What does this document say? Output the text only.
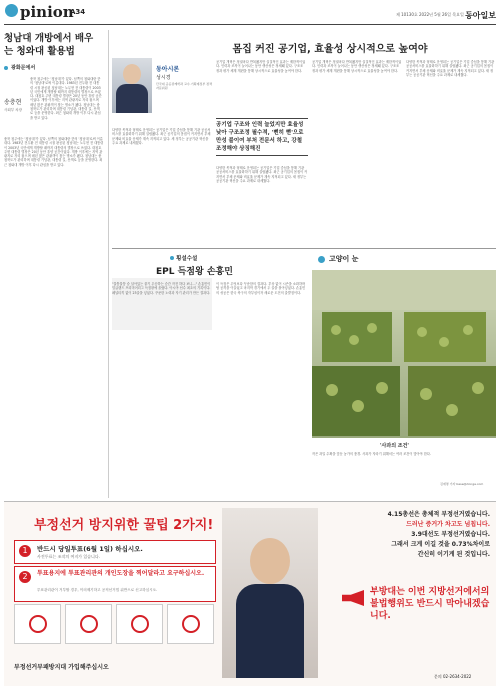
pinion
A34	제 10130호 2022년 5월 26일 목요일 동아일보
청남대 개방에서 배우는 청와대 활용법
광화문에서
송충현
사회부 차장
충북 청주에는 '청남대'가 있다. 남쪽의 청와대란 뜻의 '청남대'로써 이름대다. 1983년 전두환 전 대통령 시절 완공된 청남대는 노무현 전 대통령이 2003년 국민에게 개방할 때까지 대통령의 별장으로 쓰였다. 대청호 주변 대통령 별장은 20년 동안 휴양 공간이었다. 개방 이후에는 지역 관광지로 자리 잡으며 매년 많은 관광객이 찾는 명소가 됐다. 청남대는 충청북도가 관리하며 대통령 기념관, 대통령 길, 산책로 등을 운영한다. 최근 청와대 개방 이후 다시 관심을 받고 있다.
충북 청주에는 '청남대'가 있다. 남쪽의 청와대란 뜻의 '청남대'로써 이름대다. 1983년 전두환 전 대통령 시절 완공된 청남대는 노무현 전 대통령이 2003년 국민에게 개방할 때까지 대통령의 별장으로 쓰였다. 대청호 주변 대통령 별장은 20년 동안 휴양 공간이었다. 개방 이후에는 지역 관광지로 자리 잡으며 매년 많은 관광객이 찾는 명소가 됐다. 청남대는 충청북도가 관리하며 대통령 기념관, 대통령 길, 산책로 등을 운영한다. 최근 청와대 개방 이후 다시 관심을 받고 있다.
몸집 커진 공기업, 효율성 상시적으로 높여야
동아시론
성시경
단국대 공공관계학과 교수·기획재정부 정책자문위원
다양한 목적과 형태로 운영되는 공기업은 기업 중심을 통해 기관 공공서비스를 효율화하기 위해 설립됐다. 최근 공기업의 몸집이 커지면서 부채 문제와 비효율 문제가 계속 지적되고 있다. 새 정부는 공공기관 혁신을 주요 과제로 내세웠다.
공기업 개혁은 정권마다 반복됐지만 실질적인 효과는 제한적이었다. 인력과 조직이 늘어나는 동안 생산성은 정체돼 있다. 구조조정과 평가 체계 개편을 통해 상시적으로 효율성을 높여야 한다.
공기업 구조와 인력 늘었지만 효율성 낮아 구조조정 필수적, '뻔히 뻗'으로 만성 불이여 부처 전문서 하고, 강철 조정해야 상징해진
다양한 목적과 형태로 운영되는 공기업은 기업 중심을 통해 기관 공공서비스를 효율화하기 위해 설립됐다. 최근 공기업의 몸집이 커지면서 부채 문제와 비효율 문제가 계속 지적되고 있다. 새 정부는 공공기관 혁신을 주요 과제로 내세웠다.
공기업 개혁은 정권마다 반복됐지만 실질적인 효과는 제한적이었다. 인력과 조직이 늘어나는 동안 생산성은 정체돼 있다. 구조조정과 평가 체계 개편을 통해 상시적으로 효율성을 높여야 한다.
다양한 목적과 형태로 운영되는 공기업은 기업 중심을 통해 기관 공공서비스를 효율화하기 위해 설립됐다. 최근 공기업의 몸집이 커지면서 부채 문제와 비효율 문제가 계속 지적되고 있다. 새 정부는 공공기관 혁신을 주요 과제로 내세웠다.
횡설수설
EPL 득점왕 손흥민
"울퉁불퉁 숨 살아있는 풀기 우승하는 순간 작전 하다 보니…" 손흥민이 잉글랜드 프리미어리그 득점왕에 올랐다. 아시아 선수 최초의 기록이다. 페널티킥 없이 23골을 넣었다. 꾸준한 노력과 자기 관리가 만든 결과다.
이 득점은 무엇보다 꾸준함의 결과다. 부상 없이 시즌을 소화하며 팀 공격을 이끌었고 마지막 경기에서 두 골을 몰아넣었다. 손흥민의 성공은 한국 축구의 자부심이자 새로운 도전의 출발점이다.
고양이 눈
'사과의 조건'
작은 과일 수확을 앞둔 농가의 풍경. 사과가 자라기 위해서는 여러 조건이 맞아야 한다.
김재명 기자 base@donga.com
부정선거 방지위한 꿀팁 2가지!
1	반드시 당일투표(6월 1일) 하십시오.
사전투표는 조작의 여지가 있습니다.
2	투표용지에 투표관리관의 개인도장을 찍어달라고 요구하십시오.
투표관리관이 거부할 경우, 이의제기하고 공직선거법 위반으로 신고하십시오.
부정선거부패방지대 가입해주십시오
4.15총선은 총체적 부정선거였습니다.
드러난 증거가 차고도 넘칩니다.
3.9대선도 부정선거였습니다.
그래서 크게 이길 것을 0.73%차이로
간신히 이기게 된 것입니다.
부방대는 이번 지방선거에서의 불법행위도 반드시 막아내겠습니다.
문의 02-2634-2022
